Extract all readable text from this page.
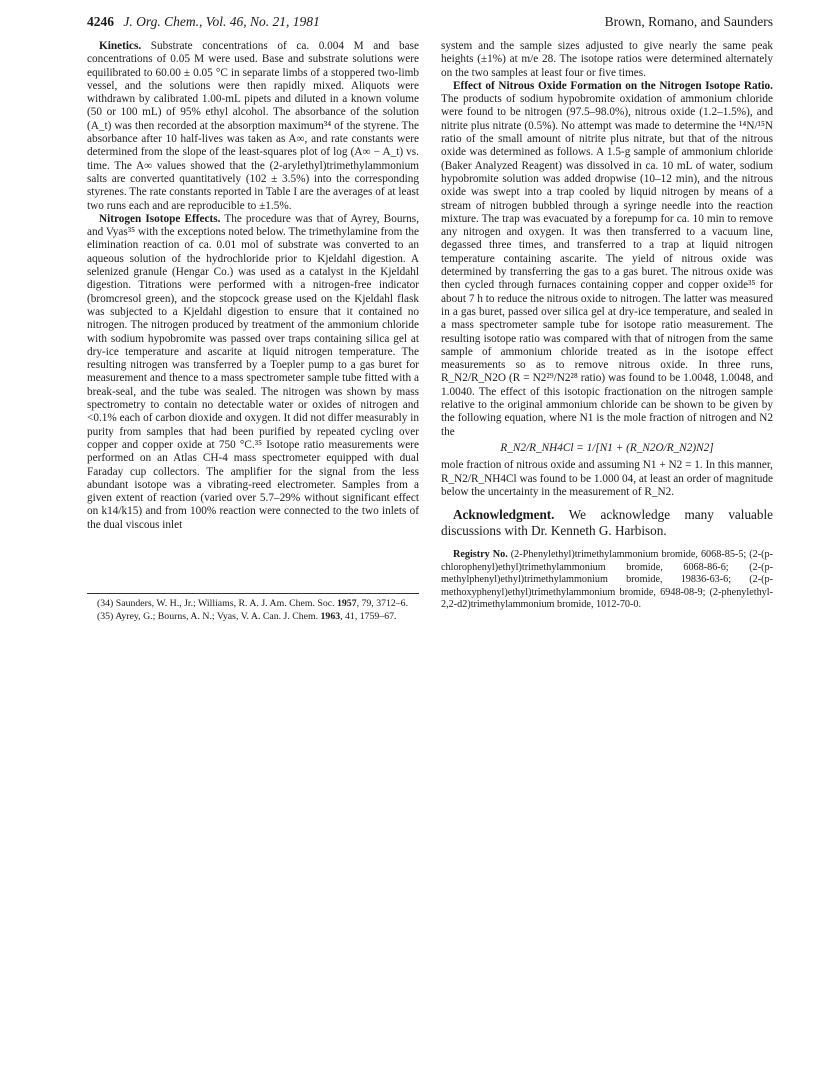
4246 J. Org. Chem., Vol. 46, No. 21, 1981	Brown, Romano, and Saunders

Kinetics. Substrate concentrations of ca. 0.004 M and base concentrations of 0.05 M were used. Base and substrate solutions were equilibrated to 60.00 ± 0.05 °C in separate limbs of a stoppered two-limb vessel, and the solutions were then rapidly mixed. Aliquots were withdrawn by calibrated 1.00-mL pipets and diluted in a known volume (50 or 100 mL) of 95% ethyl alcohol. The absorbance of the solution (A_t) was then recorded at the absorption maximum³⁴ of the styrene. The absorbance after 10 half-lives was taken as A∞, and rate constants were determined from the slope of the least-squares plot of log (A∞ − A_t) vs. time. The A∞ values showed that the (2-arylethyl)trimethylammonium salts are converted quantitatively (102 ± 3.5%) into the corresponding styrenes. The rate constants reported in Table I are the averages of at least two runs each and are reproducible to ±1.5%.

Nitrogen Isotope Effects. The procedure was that of Ayrey, Bourns, and Vyas³⁵ with the exceptions noted below. The trimethylamine from the elimination reaction of ca. 0.01 mol of substrate was converted to an aqueous solution of the hydrochloride prior to Kjeldahl digestion. A selenized granule (Hengar Co.) was used as a catalyst in the Kjeldahl digestion. Titrations were performed with a nitrogen-free indicator (bromcresol green), and the stopcock grease used on the Kjeldahl flask was subjected to a Kjeldahl digestion to ensure that it contained no nitrogen. The nitrogen produced by treatment of the ammonium chloride with sodium hypobromite was passed over traps containing silica gel at dry-ice temperature and ascarite at liquid nitrogen temperature. The resulting nitrogen was transferred by a Toepler pump to a gas buret for measurement and thence to a mass spectrometer sample tube fitted with a break-seal, and the tube was sealed. The nitrogen was shown by mass spectrometry to contain no detectable water or oxides of nitrogen and <0.1% each of carbon dioxide and oxygen. It did not differ measurably in purity from samples that had been purified by repeated cycling over copper and copper oxide at 750 °C.³⁵ Isotope ratio measurements were performed on an Atlas CH-4 mass spectrometer equipped with dual Faraday cup collectors. The amplifier for the signal from the less abundant isotope was a vibrating-reed electrometer. Samples from a given extent of reaction (varied over 5.7–29% without significant effect on k14/k15) and from 100% reaction were connected to the two inlets of the dual viscous inlet

(34) Saunders, W. H., Jr.; Williams, R. A. J. Am. Chem. Soc. 1957, 79, 3712–6.

(35) Ayrey, G.; Bourns, A. N.; Vyas, V. A. Can. J. Chem. 1963, 41, 1759–67.

system and the sample sizes adjusted to give nearly the same peak heights (±1%) at m/e 28. The isotope ratios were determined alternately on the two samples at least four or five times.

Effect of Nitrous Oxide Formation on the Nitrogen Isotope Ratio. The products of sodium hypobromite oxidation of ammonium chloride were found to be nitrogen (97.5–98.0%), nitrous oxide (1.2–1.5%), and nitrite plus nitrate (0.5%). No attempt was made to determine the ¹⁴N/¹⁵N ratio of the small amount of nitrite plus nitrate, but that of the nitrous oxide was determined as follows. A 1.5-g sample of ammonium chloride (Baker Analyzed Reagent) was dissolved in ca. 10 mL of water, sodium hypobromite solution was added dropwise (10–12 min), and the nitrous oxide was swept into a trap cooled by liquid nitrogen by means of a stream of nitrogen bubbled through a syringe needle into the reaction mixture. The trap was evacuated by a forepump for ca. 10 min to remove any nitrogen and oxygen. It was then transferred to a vacuum line, degassed three times, and transferred to a trap at liquid nitrogen temperature containing ascarite. The yield of nitrous oxide was determined by transferring the gas to a gas buret. The nitrous oxide was then cycled through furnaces containing copper and copper oxide³⁵ for about 7 h to reduce the nitrous oxide to nitrogen. The latter was measured in a gas buret, passed over silica gel at dry-ice temperature, and sealed in a mass spectrometer sample tube for isotope ratio measurement. The resulting isotope ratio was compared with that of nitrogen from the same sample of ammonium chloride treated as in the isotope effect measurements so as to remove nitrous oxide. In three runs, R_N2/R_N2O (R = N2²⁹/N2²⁸ ratio) was found to be 1.0048, 1.0048, and 1.0040. The effect of this isotopic fractionation on the nitrogen sample relative to the original ammonium chloride can be shown to be given by the following equation, where N1 is the mole fraction of nitrogen and N2 the

R_N2/R_NH4Cl = 1/[N1 + (R_N2O/R_N2)N2]

mole fraction of nitrous oxide and assuming N1 + N2 = 1. In this manner, R_N2/R_NH4Cl was found to be 1.000 04, at least an order of magnitude below the uncertainty in the measurement of R_N2.

Acknowledgment. We acknowledge many valuable discussions with Dr. Kenneth G. Harbison.

Registry No. (2-Phenylethyl)trimethylammonium bromide, 6068-85-5; (2-(p-chlorophenyl)ethyl)trimethylammonium bromide, 6068-86-6; (2-(p-methylphenyl)ethyl)trimethylammonium bromide, 19836-63-6; (2-(p-methoxyphenyl)ethyl)trimethylammonium bromide, 6948-08-9; (2-phenylethyl-2,2-d2)trimethylammonium bromide, 1012-70-0.
